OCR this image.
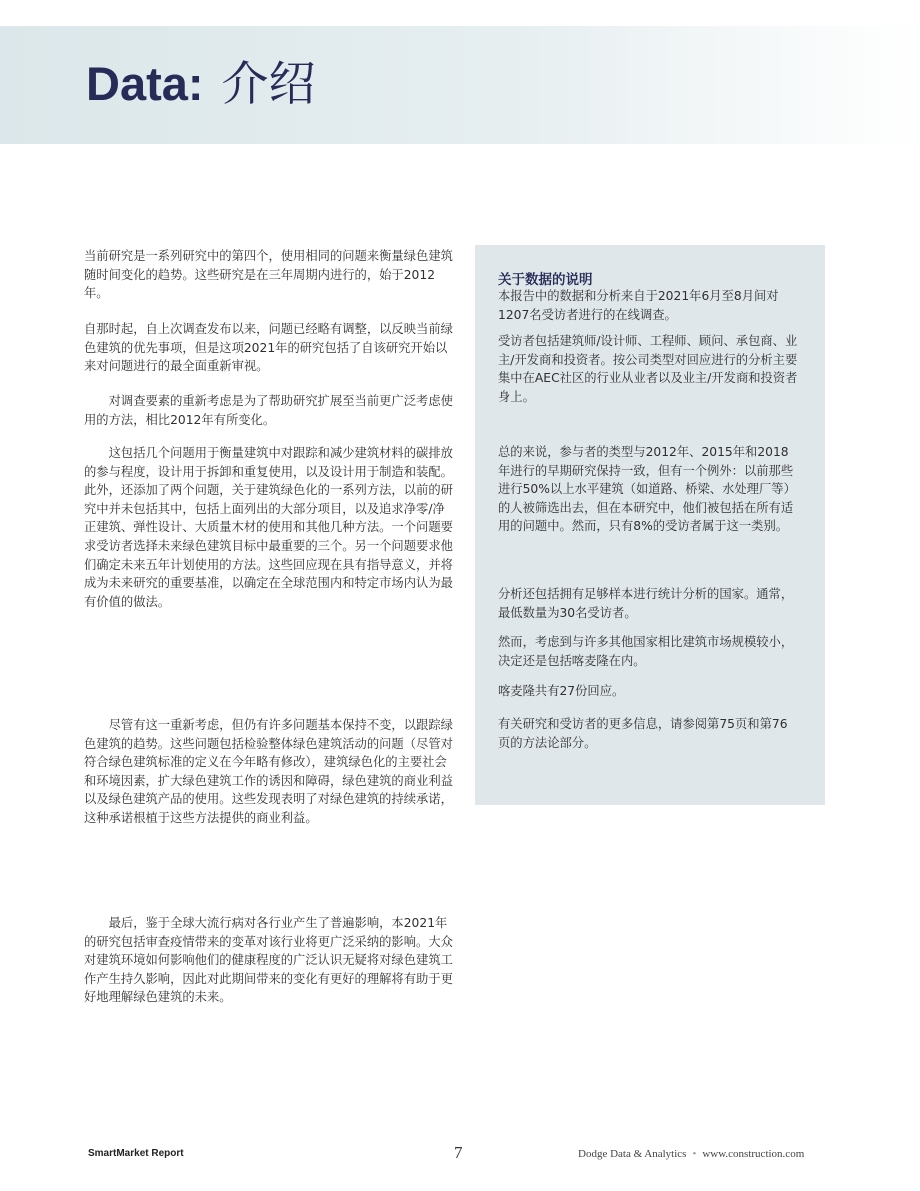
Data: 介绍

当前研究是一系列研究中的第四个，使用相同的问题来衡量绿色建筑随时间变化的趋势。这些研究是在三年周期内进行的，始于2012年。

自那时起，自上次调查发布以来，问题已经略有调整，以反映当前绿色建筑的优先事项，但是这项2021年的研究包括了自该研究开始以来对问题进行的最全面重新审视。

对调查要素的重新考虑是为了帮助研究扩展至当前更广泛考虑使用的方法，相比2012年有所变化。

这包括几个问题用于衡量建筑中对跟踪和减少建筑材料的碳排放的参与程度，设计用于拆卸和重复使用，以及设计用于制造和装配。此外，还添加了两个问题，关于建筑绿色化的一系列方法，以前的研究中并未包括其中，包括上面列出的大部分项目，以及追求净零/净正建筑、弹性设计、大质量木材的使用和其他几种方法。一个问题要求受访者选择未来绿色建筑目标中最重要的三个。另一个问题要求他们确定未来五年计划使用的方法。这些回应现在具有指导意义，并将成为未来研究的重要基准，以确定在全球范围内和特定市场内认为最有价值的做法。

尽管有这一重新考虑，但仍有许多问题基本保持不变，以跟踪绿色建筑的趋势。这些问题包括检验整体绿色建筑活动的问题（尽管对符合绿色建筑标准的定义在今年略有修改），建筑绿色化的主要社会和环境因素，扩大绿色建筑工作的诱因和障碍，绿色建筑的商业利益以及绿色建筑产品的使用。这些发现表明了对绿色建筑的持续承诺，这种承诺根植于这些方法提供的商业利益。

最后，鉴于全球大流行病对各行业产生了普遍影响，本2021年的研究包括审查疫情带来的变革对该行业将更广泛采纳的影响。大众对建筑环境如何影响他们的健康程度的广泛认识无疑将对绿色建筑工作产生持久影响，因此对此期间带来的变化有更好的理解将有助于更好地理解绿色建筑的未来。

关于数据的说明

本报告中的数据和分析来自于2021年6月至8月间对1207名受访者进行的在线调查。

受访者包括建筑师/设计师、工程师、顾问、承包商、业主/开发商和投资者。按公司类型对回应进行的分析主要集中在AEC社区的行业从业者以及业主/开发商和投资者身上。

总的来说，参与者的类型与2012年、2015年和2018年进行的早期研究保持一致，但有一个例外：以前那些进行50%以上水平建筑（如道路、桥梁、水处理厂等）的人被筛选出去，但在本研究中，他们被包括在所有适用的问题中。然而，只有8%的受访者属于这一类别。

分析还包括拥有足够样本进行统计分析的国家。通常，最低数量为30名受访者。

然而，考虑到与许多其他国家相比建筑市场规模较小，决定还是包括喀麦隆在内。

喀麦隆共有27份回应。

有关研究和受访者的更多信息，请参阅第75页和第76页的方法论部分。

SmartMarket Report	7	Dodge Data & Analytics • www.construction.com
